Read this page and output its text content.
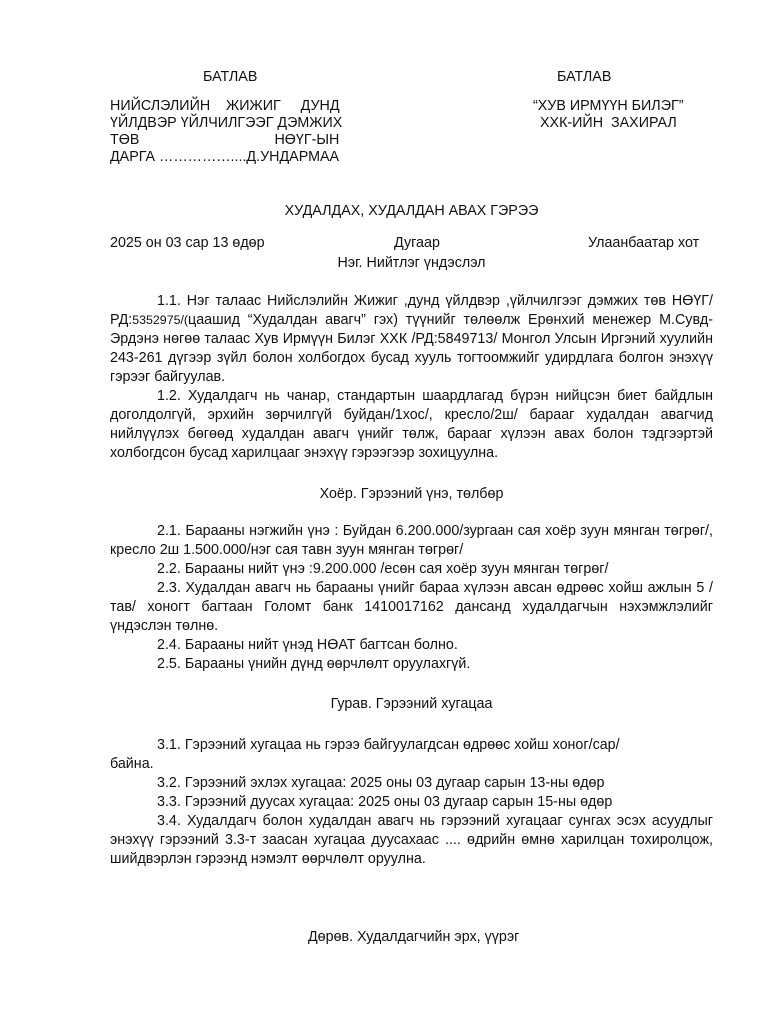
БАТЛАВ	БАТЛАВ
НИЙСЛЭЛИЙН    ЖИЖИГ     ДУНД
ҮЙЛДВЭР ҮЙЛЧИЛГЭЭГ ДЭМЖИХ
ТӨВ                                  НӨҮГ-ЫН
ДАРГА ……………....Д.УНДАРМАА
“ХУВ ИРМҮҮН БИЛЭГ”
ХХК-ИЙН  ЗАХИРАЛ
ХУДАЛДАХ, ХУДАЛДАН АВАХ ГЭРЭЭ
2025 он 03 сар 13 өдөр	Дугаар	Улаанбаатар хот
Нэг. Нийтлэг үндэслэл

1.1. Нэг талаас Нийслэлийн Жижиг ,дунд үйлдвэр ,үйлчилгээг дэмжих төв НӨҮГ/РД:5352975/(цаашид “Худалдан авагч” гэх) түүнийг төлөөлж Ерөнхий менежер М.Сувд-Эрдэнэ нөгөө талаас Хув Ирмүүн Билэг ХХК /РД:5849713/ Монгол Улсын Иргэний хуулийн 243-261 дүгээр зүйл болон холбогдох бусад хууль тогтоомжийг удирдлага болгон энэхүү гэрээг байгуулав.

1.2. Худалдагч нь чанар, стандартын шаардлагад бүрэн нийцсэн биет байдлын доголдолгүй, эрхийн зөрчилгүй буйдан/1хос/, кресло/2ш/ барааг худалдан авагчид нийлүүлэх бөгөөд худалдан авагч үнийг төлж, барааг хүлээн авах болон тэдгээртэй холбогдсон бусад харилцааг энэхүү гэрээгээр зохицуулна.

Хоёр. Гэрээний үнэ, төлбөр

2.1. Барааны нэгжийн үнэ : Буйдан 6.200.000/зургаан сая хоёр зуун мянган төгрөг/, кресло 2ш 1.500.000/нэг сая тавн зуун мянган төгрөг/

2.2. Барааны нийт үнэ :9.200.000 /есөн сая хоёр зуун мянган төгрөг/

2.3. Худалдан авагч нь барааны үнийг бараа хүлээн авсан өдрөөс хойш ажлын 5 /тав/ хоногт багтаан Голомт банк 1410017162 дансанд худалдагчын нэхэмжлэлийг үндэслэн төлнө.

2.4. Барааны нийт үнэд НӨАТ багтсан болно.

2.5. Барааны үнийн дүнд өөрчлөлт оруулахгүй.

Гурав. Гэрээний хугацаа

3.1. Гэрээний хугацаа нь гэрээ байгуулагдсан өдрөөс хойш хоног/сар/

байна.

3.2. Гэрээний эхлэх хугацаа: 2025 оны 03 дугаар сарын 13-ны өдөр

3.3. Гэрээний дуусах хугацаа: 2025 оны 03 дугаар сарын 15-ны өдөр

3.4. Худалдагч болон худалдан авагч нь гэрээний хугацааг сунгах эсэх асуудлыг энэхүү гэрээний 3.3-т заасан хугацаа дуусахаас .... өдрийн өмнө харилцан тохиролцож, шийдвэрлэн гэрээнд нэмэлт өөрчлөлт оруулна.

Дөрөв. Худалдагчийн эрх, үүрэг
